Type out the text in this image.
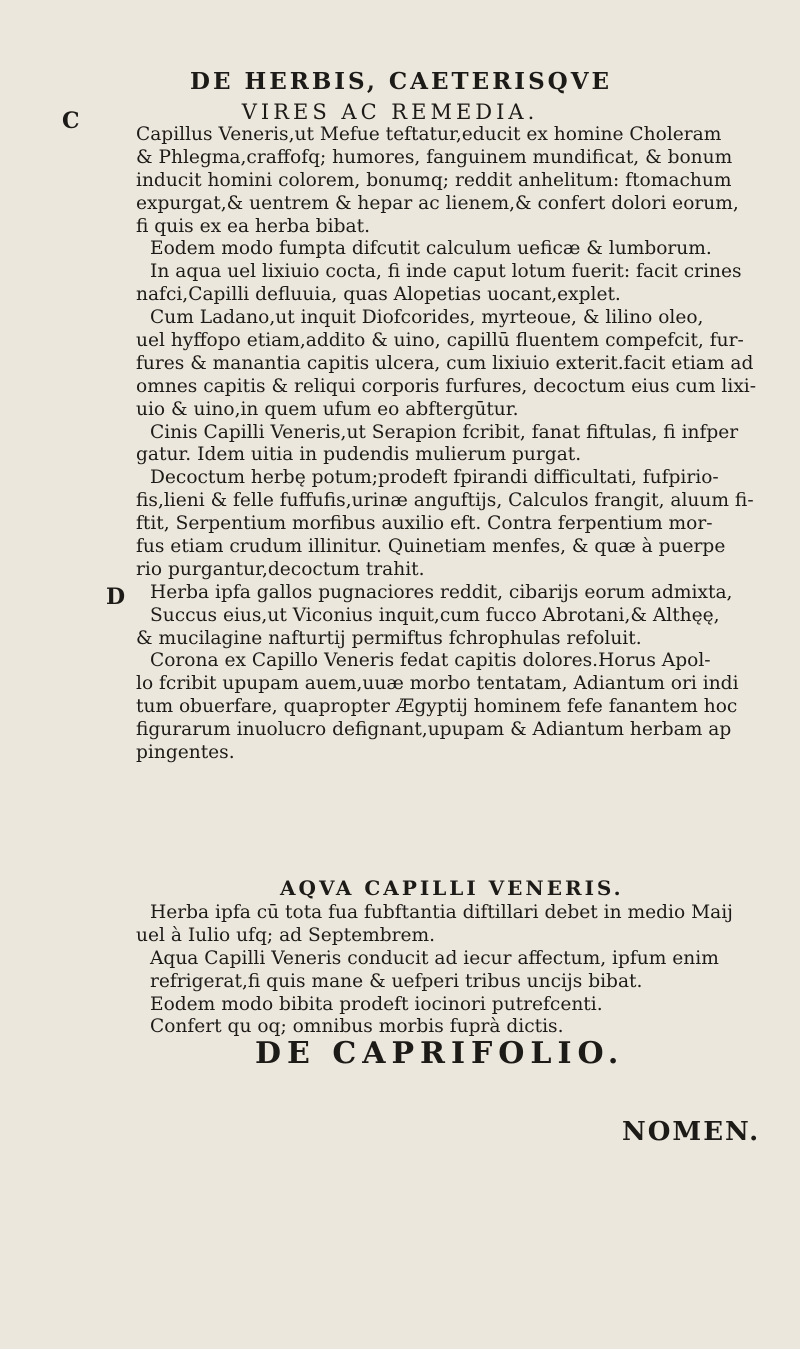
DE HERBIS, CAETERISQVE
VIRES AC REMEDIA.
C
D
Capillus Veneris,ut Mefue teftatur,educit ex homine Choleram
& Phlegma,craffofq; humores, fanguinem mundificat, & bonum
inducit homini colorem, bonumq; reddit anhelitum: ftomachum
expurgat,& uentrem & hepar ac lienem,& confert dolori eorum,
fi quis ex ea herba bibat.
Eodem modo fumpta difcutit calculum ueficæ & lumborum.
In aqua uel lixiuio cocta, fi inde caput lotum fuerit: facit crines
nafci,Capilli defluuia, quas Alopetias uocant,explet.
Cum Ladano,ut inquit Diofcorides, myrteoue, & lilino oleo,
uel hyffopo etiam,addito & uino, capillū fluentem compefcit, fur-
fures & manantia capitis ulcera, cum lixiuio exterit.facit etiam ad
omnes capitis & reliqui corporis furfures, decoctum eius cum lixi-
uio & uino,in quem ufum eo abftergūtur.
Cinis Capilli Veneris,ut Serapion fcribit, fanat fiftulas, fi infper
gatur. Idem uitia in pudendis mulierum purgat.
Decoctum herbę potum;prodeft fpirandi difficultati, fufpirio-
fis,lieni & felle fuffufis,urinæ anguftijs, Calculos frangit, aluum fi-
ftit, Serpentium morfibus auxilio eft. Contra ferpentium mor-
fus etiam crudum illinitur. Quinetiam menfes, & quæ à puerpe
rio purgantur,decoctum trahit.
Herba ipfa gallos pugnaciores reddit, cibarijs eorum admixta,
Succus eius,ut Viconius inquit,cum fucco Abrotani,& Althęę,
& mucilagine nafturtij permiftus fchrophulas refoluit.
Corona ex Capillo Veneris fedat capitis dolores.Horus Apol-
lo fcribit upupam auem,uuæ morbo tentatam, Adiantum ori indi
tum obuerfare, quapropter Ægyptij hominem fefe fanantem hoc
figurarum inuolucro defignant,upupam & Adiantum herbam ap
pingentes.
AQVA CAPILLI VENERIS.
Herba ipfa cū tota fua fubftantia diftillari debet in medio Maij
uel à Iulio ufq; ad Septembrem.
Aqua Capilli Veneris conducit ad iecur affectum, ipfum enim
refrigerat,fi quis mane & uefperi tribus uncijs bibat.
Eodem modo bibita prodeft iocinori putrefcenti.
Confert qu oq; omnibus morbis fuprà dictis.
DE CAPRIFOLIO.
NOMEN.
